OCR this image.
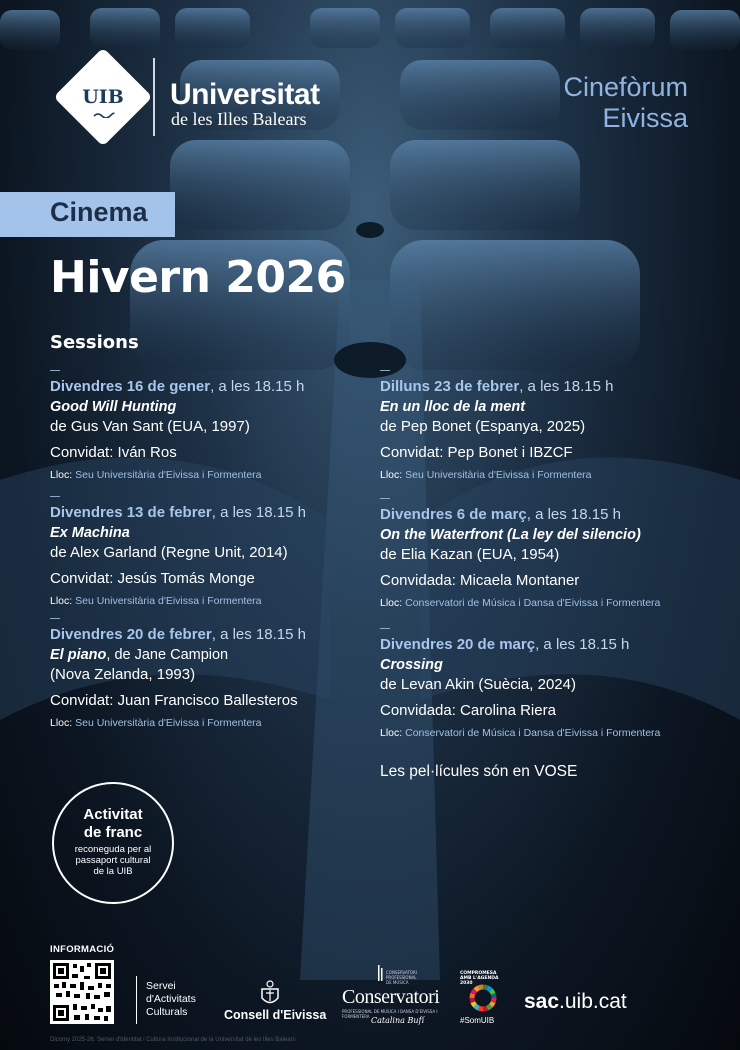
UIB	Universitat
de les Illes Balears
Cinefòrum
Eivissa
Cinema
Hivern 2026
Sessions
Divendres 16 de gener, a les 18.15 h
Good Will Hunting
de Gus Van Sant (EUA, 1997)
Convidat: Iván Ros
Lloc: Seu Universitària d'Eivissa i Formentera
Divendres 13 de febrer, a les 18.15 h
Ex Machina
de Alex Garland (Regne Unit, 2014)
Convidat: Jesús Tomás Monge
Lloc: Seu Universitària d'Eivissa i Formentera
Divendres 20 de febrer, a les 18.15 h
El piano, de Jane Campion
(Nova Zelanda, 1993)
Convidat: Juan Francisco Ballesteros
Lloc: Seu Universitària d'Eivissa i Formentera
Dilluns 23 de febrer, a les 18.15 h
En un lloc de la ment
de Pep Bonet (Espanya, 2025)
Convidat: Pep Bonet i IBZCF
Lloc: Seu Universitària d'Eivissa i Formentera
Divendres 6 de març, a les 18.15 h
On the Waterfront (La ley del silencio)
de Elia Kazan (EUA, 1954)
Convidada: Micaela Montaner
Lloc: Conservatori de Música i Dansa d'Eivissa i Formentera
Divendres 20 de març, a les 18.15 h
Crossing
de Levan Akin (Suècia, 2024)
Convidada: Carolina Riera
Lloc: Conservatori de Música i Dansa d'Eivissa i Formentera
Les pel·lícules són en VOSE
Activitat
de franc
reconeguda per al
passaport cultural
de la UIB
INFORMACIÓ
Servei
d'Activitats
Culturals	Consell d'Eivissa
CONSERVATORI PROFESSIONAL DE MÚSICA
Conservatori
PROFESSIONAL DE MÚSICA I DANSA D'EIVISSA I FORMENTERA Catalina Bufí
COMPROMESA AMB L'AGENDA 2030
#SomUIB
sac.uib.cat
Dicomy 2025-26. Servei d'Identitat i Cultura Institucional de la Universitat de les Illes Balears
